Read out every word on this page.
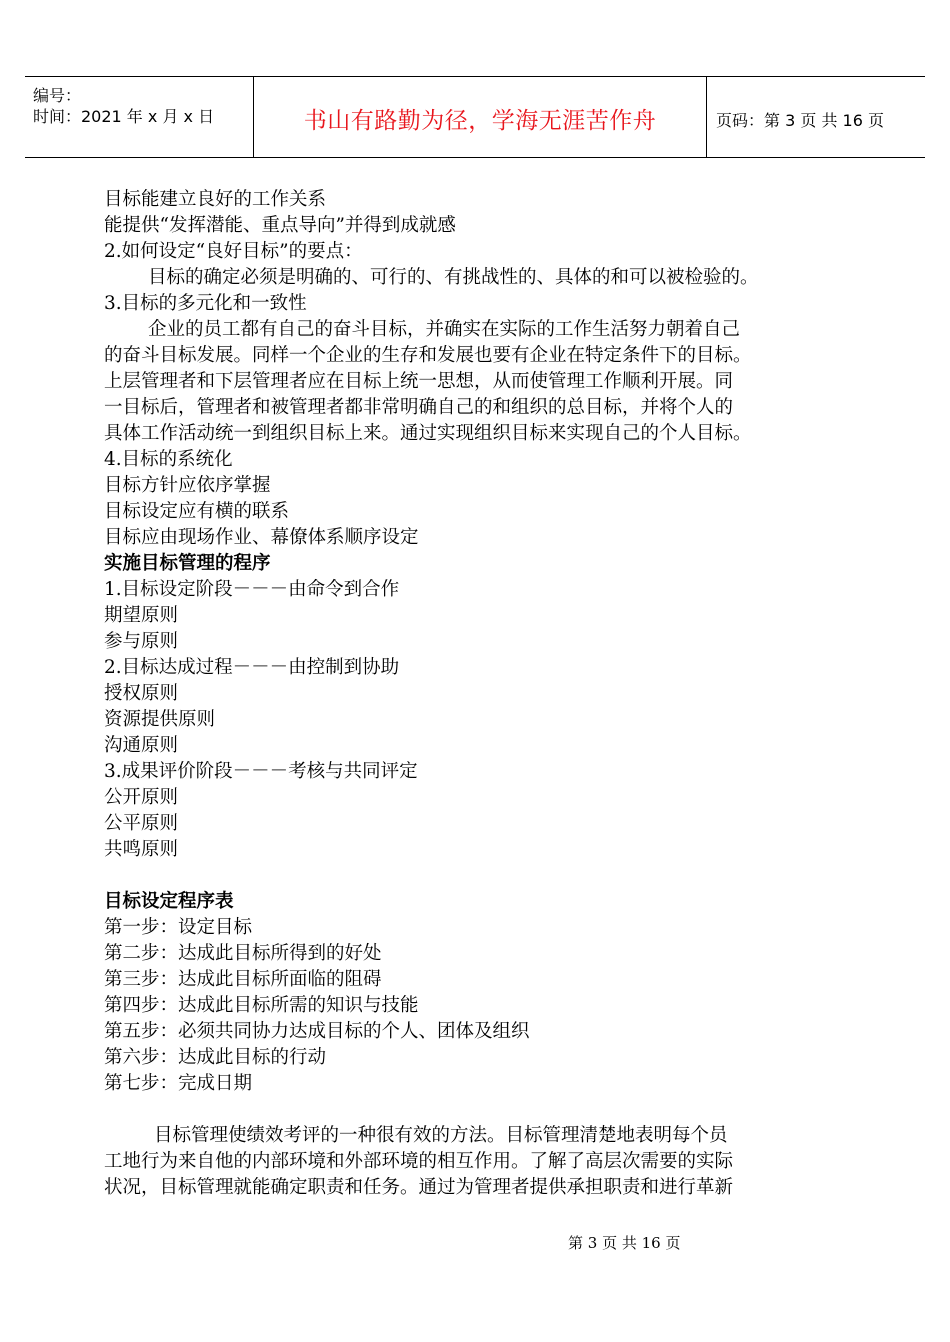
编号：
时间：2021 年 x 月 x 日	书山有路勤为径，学海无涯苦作舟	页码：第 3 页 共 16 页
目标能建立良好的工作关系
能提供“发挥潜能、重点导向”并得到成就感
2.如何设定“良好目标”的要点：
目标的确定必须是明确的、可行的、有挑战性的、具体的和可以被检验的。
3.目标的多元化和一致性
企业的员工都有自己的奋斗目标，并确实在实际的工作生活努力朝着自己
的奋斗目标发展。同样一个企业的生存和发展也要有企业在特定条件下的目标。
上层管理者和下层管理者应在目标上统一思想，从而使管理工作顺利开展。同
一目标后，管理者和被管理者都非常明确自己的和组织的总目标，并将个人的
具体工作活动统一到组织目标上来。通过实现组织目标来实现自己的个人目标。
4.目标的系统化
目标方针应依序掌握
目标设定应有横的联系
目标应由现场作业、幕僚体系顺序设定
实施目标管理的程序
1.目标设定阶段－－－由命令到合作
期望原则
参与原则
2.目标达成过程－－－由控制到协助
授权原则
资源提供原则
沟通原则
3.成果评价阶段－－－考核与共同评定
公开原则
公平原则
共鸣原则
目标设定程序表
第一步：设定目标
第二步：达成此目标所得到的好处
第三步：达成此目标所面临的阻碍
第四步：达成此目标所需的知识与技能
第五步：必须共同协力达成目标的个人、团体及组织
第六步：达成此目标的行动
第七步：完成日期
目标管理使绩效考评的一种很有效的方法。目标管理清楚地表明每个员
工地行为来自他的内部环境和外部环境的相互作用。了解了高层次需要的实际
状况，目标管理就能确定职责和任务。通过为管理者提供承担职责和进行革新
第 3 页 共 16 页
